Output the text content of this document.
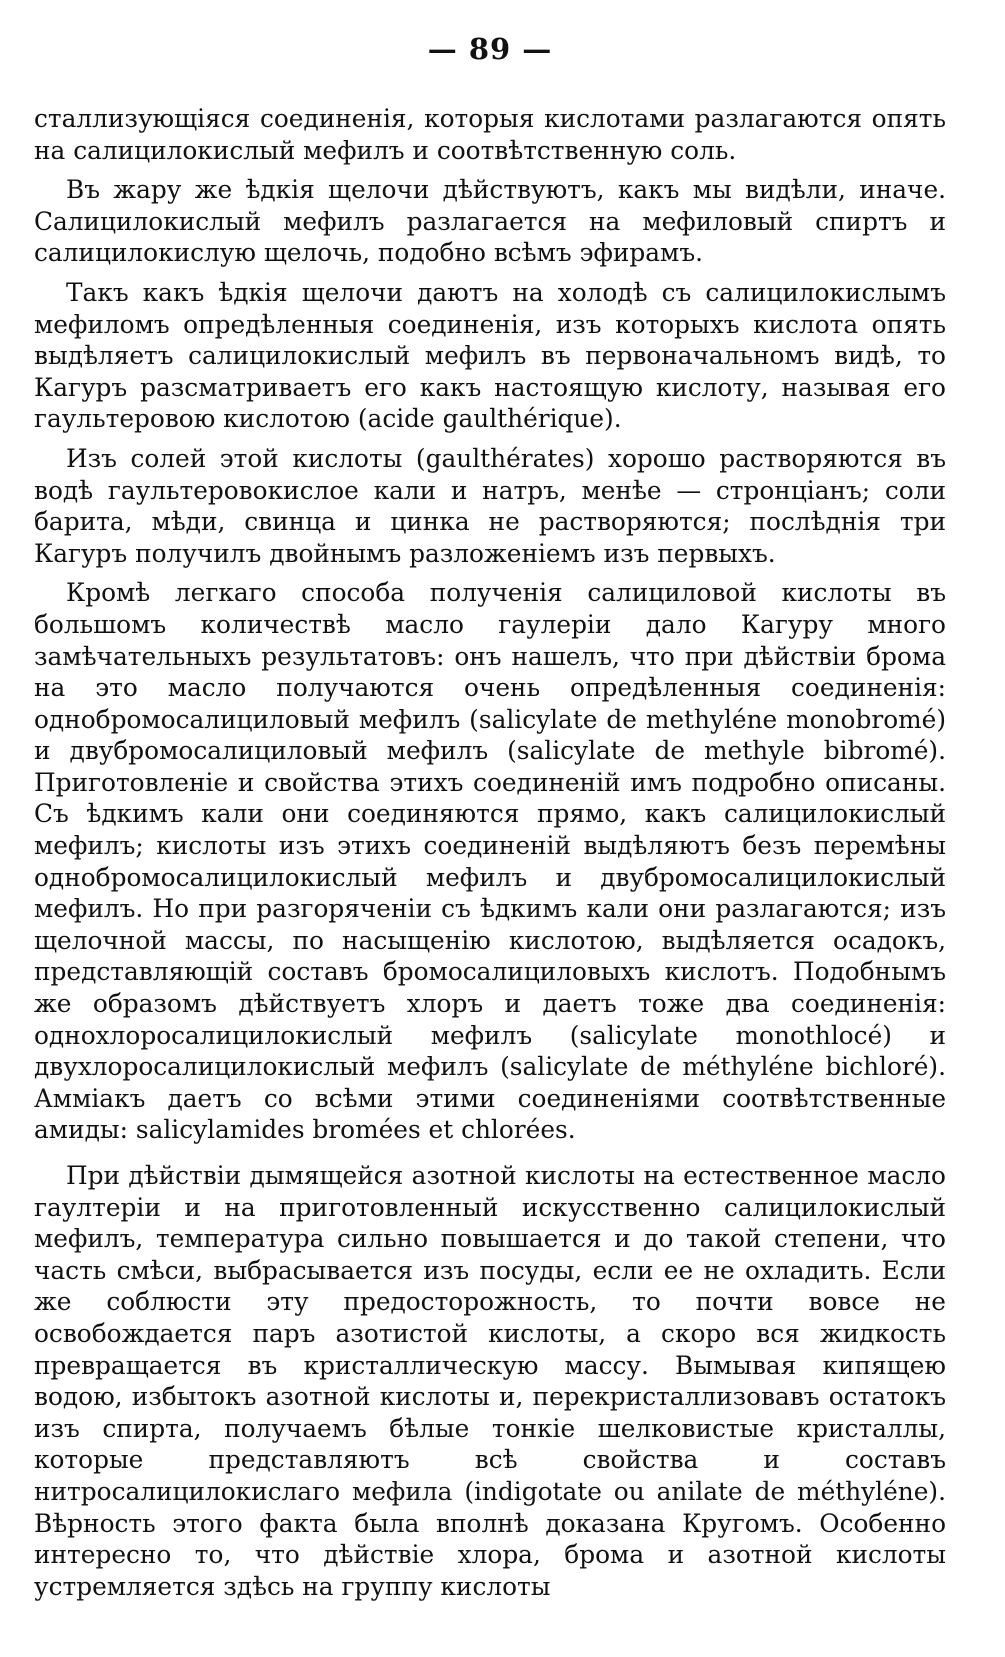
— 89 —

сталлизующіяся соединенія, которыя кислотами разлагаются опять на салицилокислый мефилъ и соотвѣтственную соль.

Въ жару же ѣдкія щелочи дѣйствуютъ, какъ мы видѣли, иначе. Салицилокислый мефилъ разлагается на мефиловый спиртъ и салицилокислую щелочь, подобно всѣмъ эфирамъ.

Такъ какъ ѣдкія щелочи даютъ на холодѣ съ салицилокислымъ мефиломъ опредѣленныя соединенія, изъ которыхъ кислота опять выдѣляетъ салицилокислый мефилъ въ первоначальномъ видѣ, то Кагуръ разсматриваетъ его какъ настоящую кислоту, называя его гаультеровою кислотою (acide gaulthérique).

Изъ солей этой кислоты (gaulthérates) хорошо растворяются въ водѣ гаультеровокислое кали и натръ, менѣе — стронціанъ; соли барита, мѣди, свинца и цинка не растворяются; послѣднія три Кагуръ получилъ двойнымъ разложеніемъ изъ первыхъ.

Кромѣ легкаго способа полученія салициловой кислоты въ большомъ количествѣ масло гаулеріи дало Кагуру много замѣчательныхъ результатовъ: онъ нашелъ, что при дѣйствіи брома на это масло получаются очень опредѣленныя соединенія: однобромосалициловый мефилъ (salicylate de methyléne monobromé) и двубромосалициловый мефилъ (salicylate de methyle bibromé). Приготовленіе и свойства этихъ соединеній имъ подробно описаны. Съ ѣдкимъ кали они соединяются прямо, какъ салицилокислый мефилъ; кислоты изъ этихъ соединеній выдѣляютъ безъ перемѣны однобромосалицилокислый мефилъ и двубромосалицилокислый мефилъ. Но при разгоряченіи съ ѣдкимъ кали они разлагаются; изъ щелочной массы, по насыщенію кислотою, выдѣляется осадокъ, представляющій составъ бромосалициловыхъ кислотъ. Подобнымъ же образомъ дѣйствуетъ хлоръ и даетъ тоже два соединенія: однохлоросалицилокислый мефилъ (salicylate monothlocé) и двухлоросалицилокислый мефилъ (salicylate de méthyléne bichloré). Аммiакъ даетъ со всѣми этими соединеніями соотвѣтственные амиды: salicylamides bromées et chlorées.

При дѣйствіи дымящейся азотной кислоты на естественное масло гаултеріи и на приготовленный искусственно салицилокислый мефилъ, температура сильно повышается и до такой степени, что часть смѣси, выбрасывается изъ посуды, если ее не охладить. Если же соблюсти эту предосторожность, то почти вовсе не освобождается паръ азотистой кислоты, а скоро вся жидкость превращается въ кристаллическую массу. Вымывая кипящею водою, избытокъ азотной кислоты и, перекристаллизовавъ остатокъ изъ спирта, получаемъ бѣлые тонкіе шелковистые кристаллы, которые представляютъ всѣ свойства и составъ нитросалицилокислаго мефила (indigotate ou anilate de méthyléne). Вѣрность этого факта была вполнѣ доказана Кругомъ. Особенно интересно то, что дѣйствіе хлора, брома и азотной кислоты устремляется здѣсь на группу кислоты
